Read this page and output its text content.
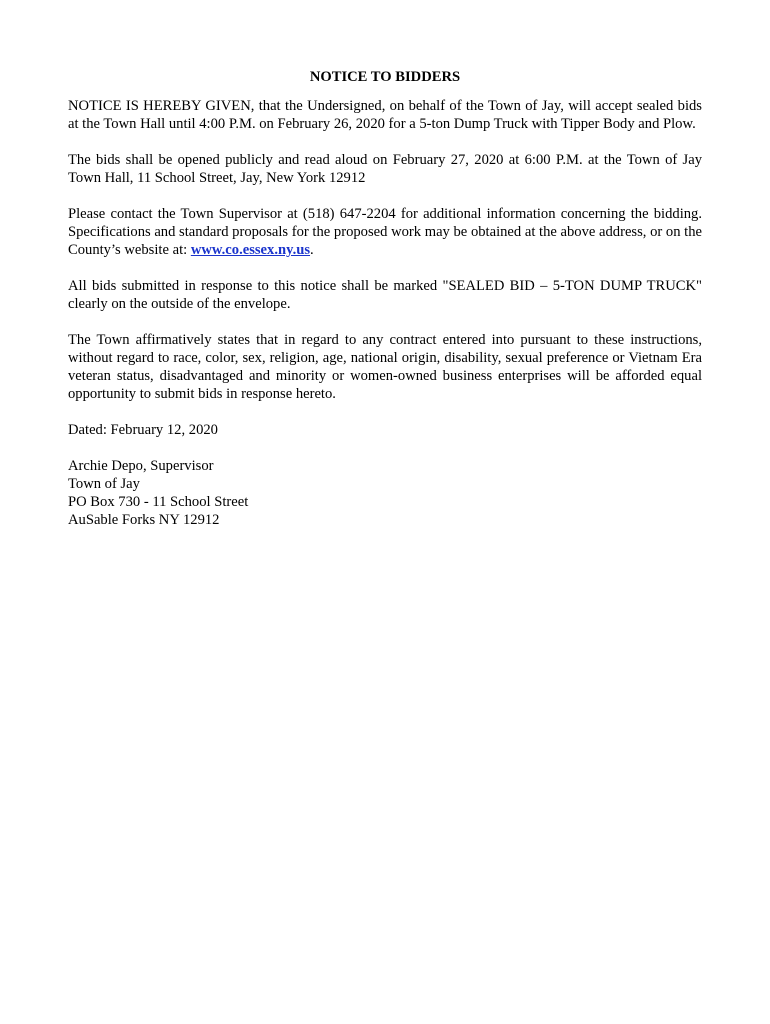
NOTICE TO BIDDERS

NOTICE IS HEREBY GIVEN, that the Undersigned, on behalf of the Town of Jay, will accept sealed bids at the Town Hall until 4:00 P.M. on February 26, 2020 for a 5-ton Dump Truck with Tipper Body and Plow.

The bids shall be opened publicly and read aloud on February 27, 2020 at 6:00 P.M. at the Town of Jay Town Hall, 11 School Street, Jay, New York 12912

Please contact the Town Supervisor at (518) 647-2204 for additional information concerning the bidding. Specifications and standard proposals for the proposed work may be obtained at the above address, or on the County’s website at: www.co.essex.ny.us.

All bids submitted in response to this notice shall be marked "SEALED BID – 5-TON DUMP TRUCK" clearly on the outside of the envelope.

The Town affirmatively states that in regard to any contract entered into pursuant to these instructions, without regard to race, color, sex, religion, age, national origin, disability, sexual preference or Vietnam Era veteran status, disadvantaged and minority or women-owned business enterprises will be afforded equal opportunity to submit bids in response hereto.

Dated: February 12, 2020

Archie Depo, Supervisor
Town of Jay
PO Box 730 - 11 School Street
AuSable Forks NY 12912
